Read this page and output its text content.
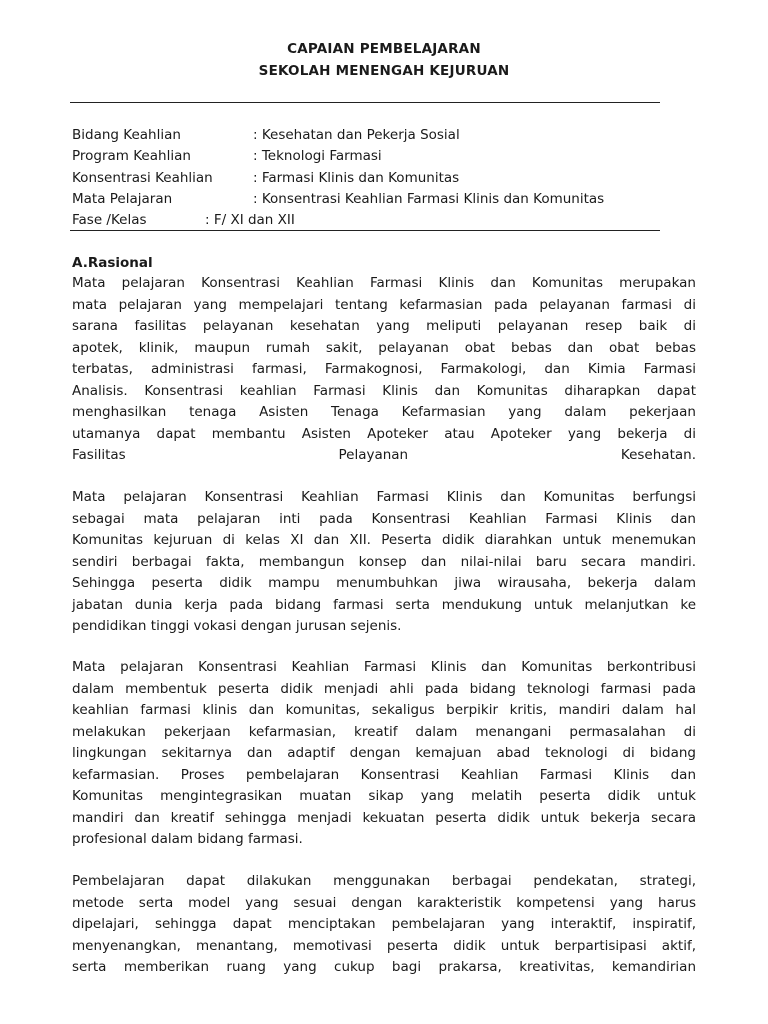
CAPAIAN PEMBELAJARAN
SEKOLAH MENENGAH KEJURUAN
Bidang Keahlian	: Kesehatan dan Pekerja Sosial
Program Keahlian	: Teknologi Farmasi
Konsentrasi Keahlian	: Farmasi Klinis dan Komunitas
Mata Pelajaran	: Konsentrasi Keahlian Farmasi Klinis dan Komunitas
Fase /Kelas	: F/ XI dan XII
A.Rasional
Mata pelajaran Konsentrasi Keahlian Farmasi Klinis dan Komunitas merupakan
mata pelajaran yang mempelajari tentang kefarmasian pada pelayanan farmasi di
sarana fasilitas pelayanan kesehatan yang meliputi pelayanan resep baik di
apotek, klinik, maupun rumah sakit, pelayanan obat bebas dan obat bebas
terbatas, administrasi farmasi, Farmakognosi, Farmakologi, dan Kimia Farmasi
Analisis. Konsentrasi keahlian Farmasi Klinis dan Komunitas diharapkan dapat
menghasilkan tenaga Asisten Tenaga Kefarmasian yang dalam pekerjaan
utamanya dapat membantu Asisten Apoteker atau Apoteker yang bekerja di
Fasilitas Pelayanan Kesehatan.
Mata pelajaran Konsentrasi Keahlian Farmasi Klinis dan Komunitas berfungsi
sebagai mata pelajaran inti pada Konsentrasi Keahlian Farmasi Klinis dan
Komunitas kejuruan di kelas XI dan XII. Peserta didik diarahkan untuk menemukan
sendiri berbagai fakta, membangun konsep dan nilai-nilai baru secara mandiri.
Sehingga peserta didik mampu menumbuhkan jiwa wirausaha, bekerja dalam
jabatan dunia kerja pada bidang farmasi serta mendukung untuk melanjutkan ke
pendidikan tinggi vokasi dengan jurusan sejenis.
Mata pelajaran Konsentrasi Keahlian Farmasi Klinis dan Komunitas berkontribusi
dalam membentuk peserta didik menjadi ahli pada bidang teknologi farmasi pada
keahlian farmasi klinis dan komunitas, sekaligus berpikir kritis, mandiri dalam hal
melakukan pekerjaan kefarmasian, kreatif dalam menangani permasalahan di
lingkungan sekitarnya dan adaptif dengan kemajuan abad teknologi di bidang
kefarmasian. Proses pembelajaran Konsentrasi Keahlian Farmasi Klinis dan
Komunitas mengintegrasikan muatan sikap yang melatih peserta didik untuk
mandiri dan kreatif sehingga menjadi kekuatan peserta didik untuk bekerja secara
profesional dalam bidang farmasi.
Pembelajaran dapat dilakukan menggunakan berbagai pendekatan, strategi,
metode serta model yang sesuai dengan karakteristik kompetensi yang harus
dipelajari, sehingga dapat menciptakan pembelajaran yang interaktif, inspiratif,
menyenangkan, menantang, memotivasi peserta didik untuk berpartisipasi aktif,
serta memberikan ruang yang cukup bagi prakarsa, kreativitas, kemandirian
